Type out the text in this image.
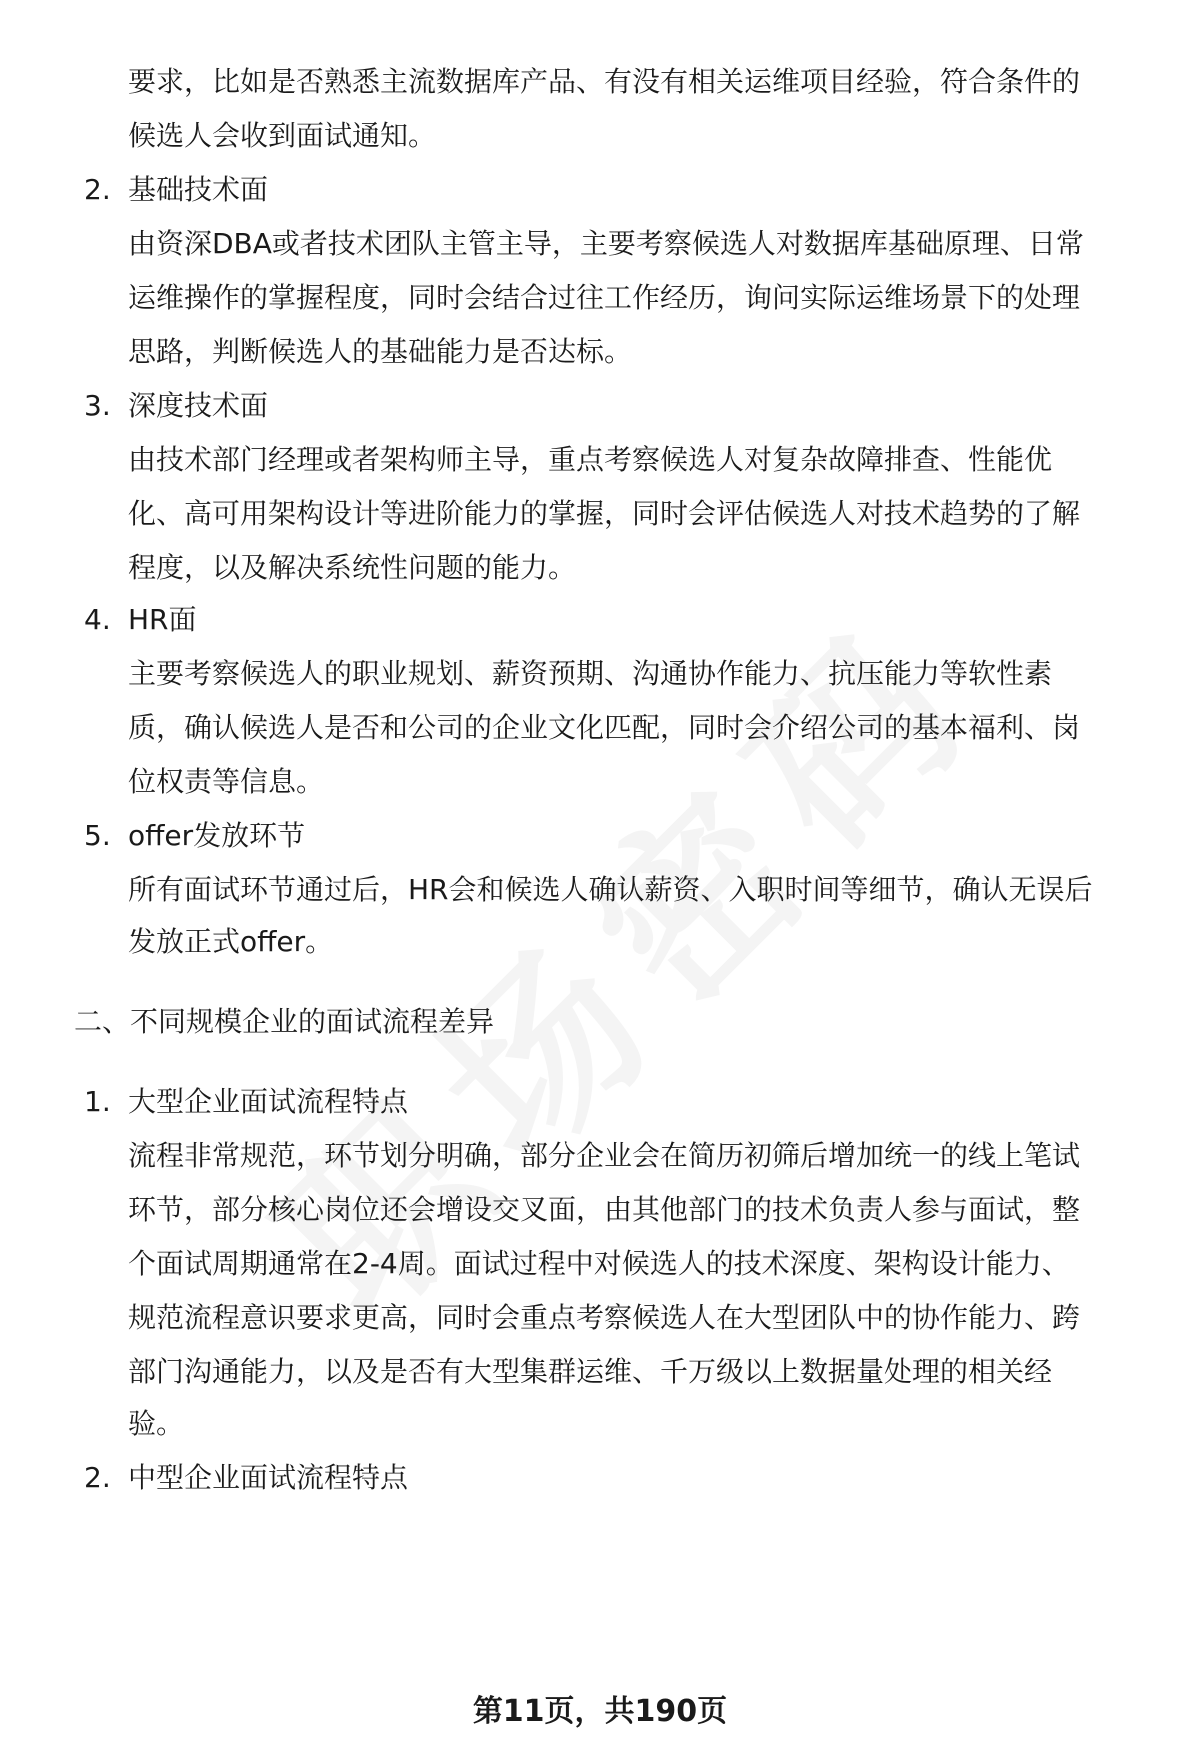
要求，比如是否熟悉主流数据库产品、有没有相关运维项目经验，符合条件的
候选人会收到面试通知。
2. 基础技术面
由资深DBA或者技术团队主管主导，主要考察候选人对数据库基础原理、日常
运维操作的掌握程度，同时会结合过往工作经历，询问实际运维场景下的处理
思路，判断候选人的基础能力是否达标。
3. 深度技术面
由技术部门经理或者架构师主导，重点考察候选人对复杂故障排查、性能优
化、高可用架构设计等进阶能力的掌握，同时会评估候选人对技术趋势的了解
程度，以及解决系统性问题的能力。
4. HR面
主要考察候选人的职业规划、薪资预期、沟通协作能力、抗压能力等软性素
质，确认候选人是否和公司的企业文化匹配，同时会介绍公司的基本福利、岗
位权责等信息。
5. offer发放环节
所有面试环节通过后，HR会和候选人确认薪资、入职时间等细节，确认无误后
发放正式offer。
二、不同规模企业的面试流程差异
1. 大型企业面试流程特点
流程非常规范，环节划分明确，部分企业会在简历初筛后增加统一的线上笔试
环节，部分核心岗位还会增设交叉面，由其他部门的技术负责人参与面试，整
个面试周期通常在2-4周。面试过程中对候选人的技术深度、架构设计能力、
规范流程意识要求更高，同时会重点考察候选人在大型团队中的协作能力、跨
部门沟通能力，以及是否有大型集群运维、千万级以上数据量处理的相关经
验。
2. 中型企业面试流程特点
第11页，共190页
